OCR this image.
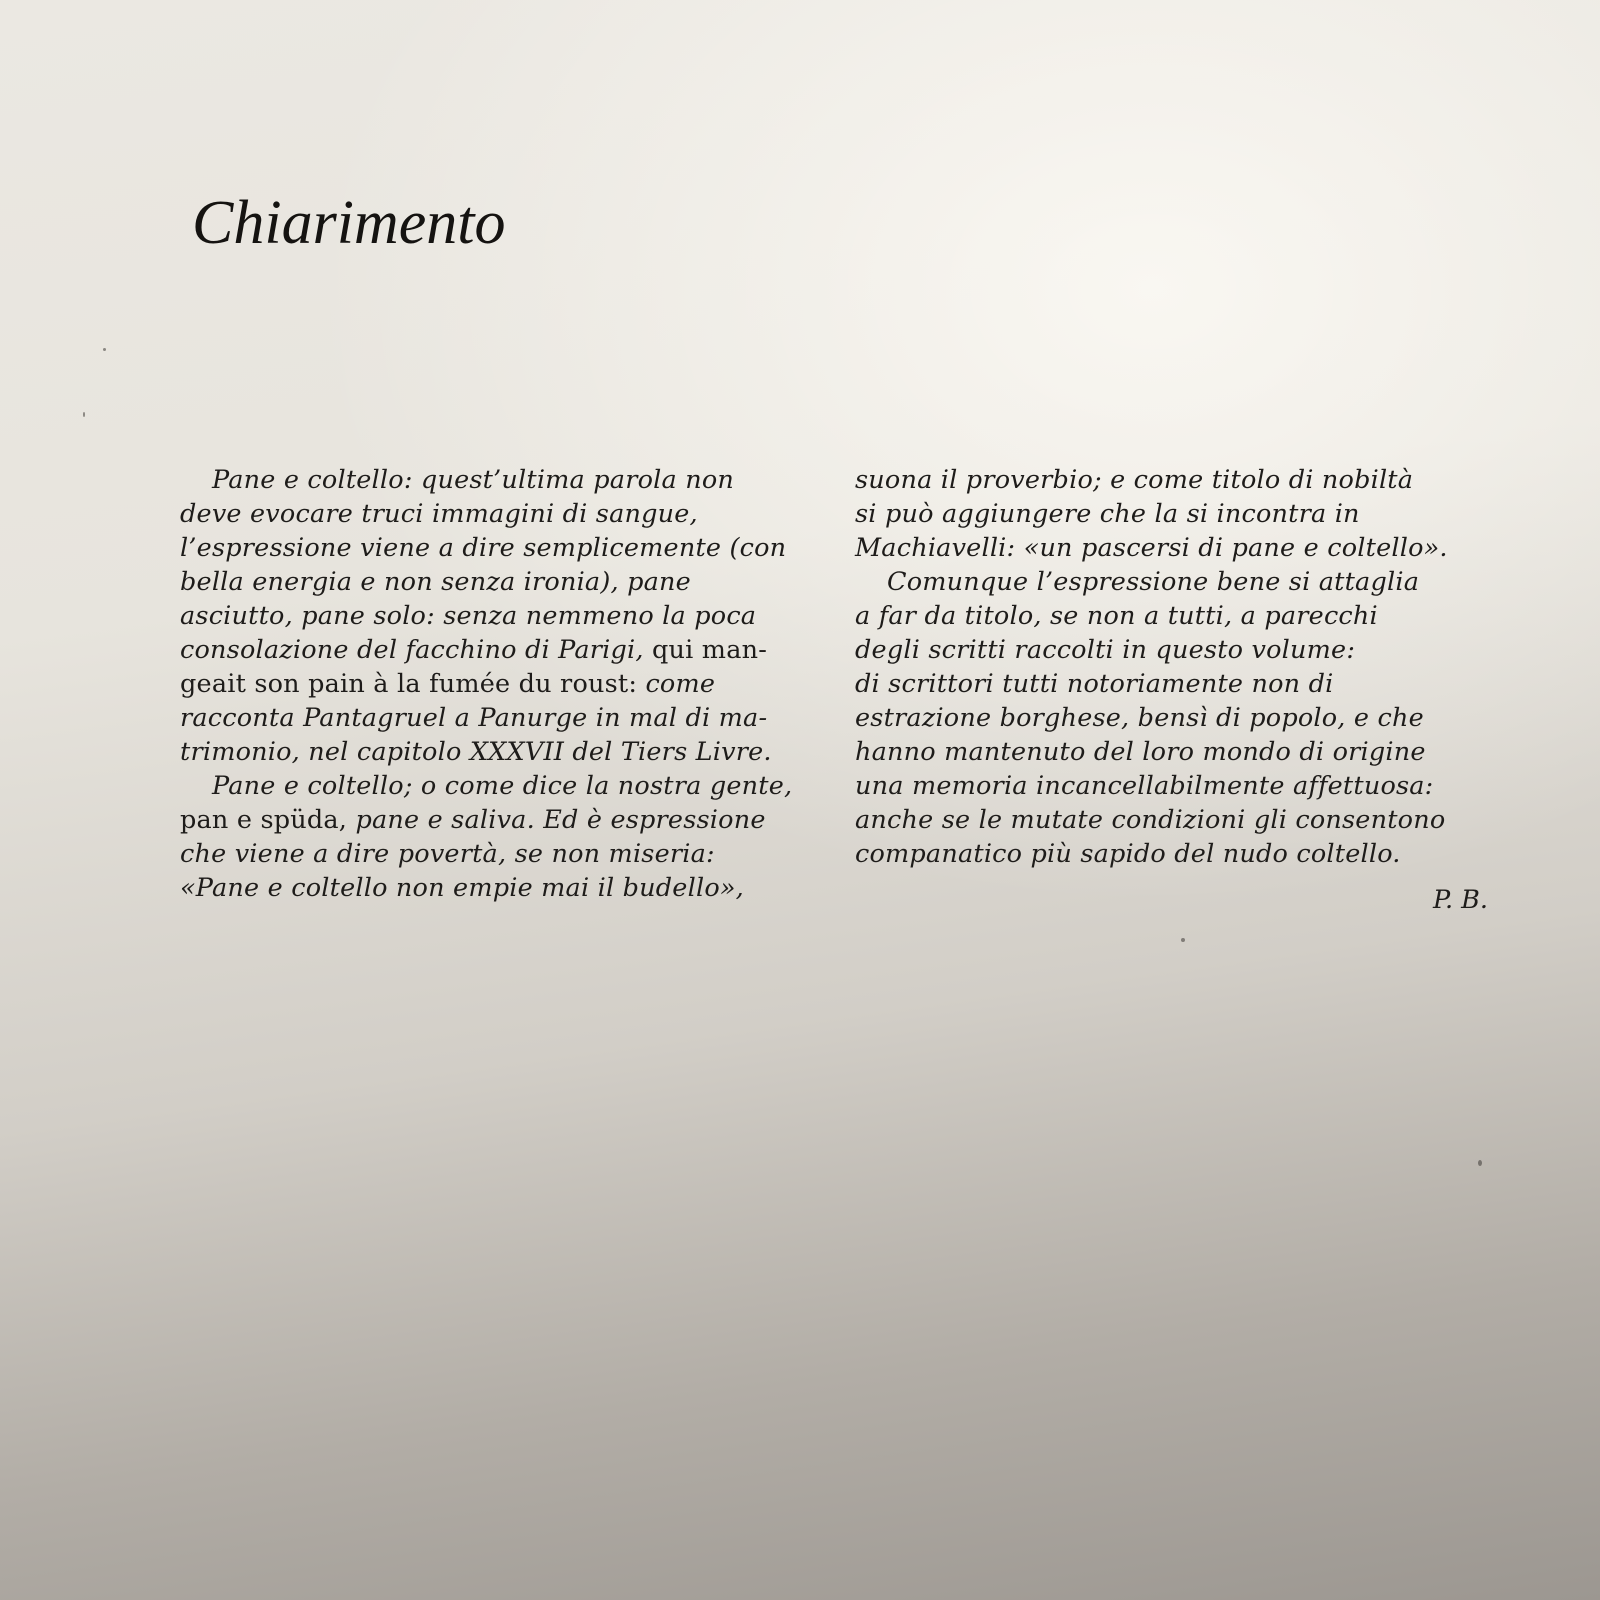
Chiarimento
Pane e coltello: quest’ultima parola non
deve evocare truci immagini di sangue,
l’espressione viene a dire semplicemente (con
bella energia e non senza ironia), pane
asciutto, pane solo: senza nemmeno la poca
consolazione del facchino di Parigi, qui man-
geait son pain à la fumée du roust: come
racconta Pantagruel a Panurge in mal di ma-
trimonio, nel capitolo XXXVII del Tiers Livre.
Pane e coltello; o come dice la nostra gente,
pan e spüda, pane e saliva. Ed è espressione
che viene a dire povertà, se non miseria:
«Pane e coltello non empie mai il budello»,
suona il proverbio; e come titolo di nobiltà
si può aggiungere che la si incontra in
Machiavelli: «un pascersi di pane e coltello».
Comunque l’espressione bene si attaglia
a far da titolo, se non a tutti, a parecchi
degli scritti raccolti in questo volume:
di scrittori tutti notoriamente non di
estrazione borghese, bensì di popolo, e che
hanno mantenuto del loro mondo di origine
una memoria incancellabilmente affettuosa:
anche se le mutate condizioni gli consentono
companatico più sapido del nudo coltello.
P. B.
